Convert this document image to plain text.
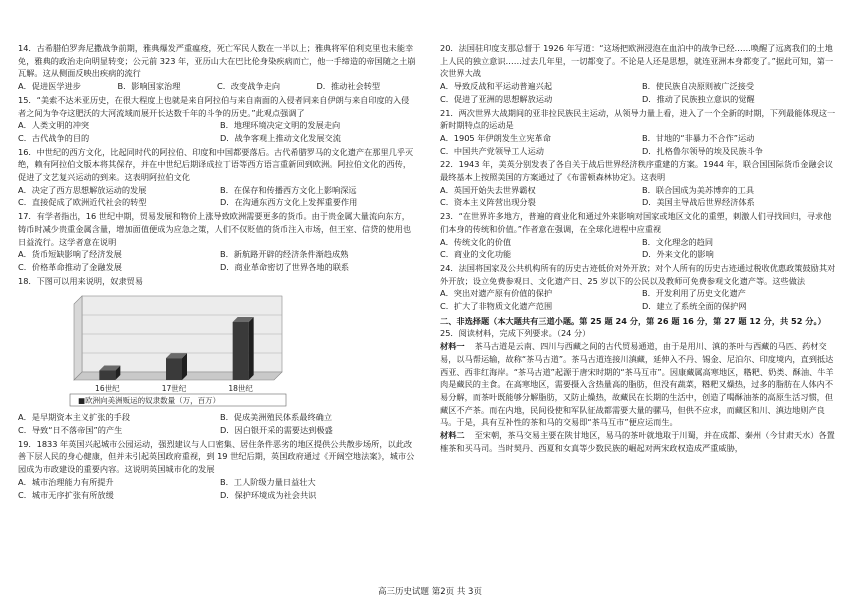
14．古希腊伯罗奔尼撒战争前期，雅典爆发严重瘟疫，死亡军民人数在一半以上；雅典将军伯利克里也未能幸免，雅典的政治走向明显转变；公元前 323 年，亚历山大在巴比伦身染疾病而亡，他一手缔造的帝国随之土崩瓦解。这从侧面反映出疾病的流行
A．促进医学进步	B．影响国家治理	C．改变战争走向	D．推动社会转型
15．“美索不达米亚历史，在很大程度上也就是来自阿拉伯与来自南面的入侵者同来自伊朗与来自印度的入侵者之间为争夺这肥沃的大河流域而展开长达数千年的斗争的历史。”此观点强调了
A．人类文明的冲突	B．地理环境决定文明的发展走向
C．古代战争的目的	D．战争客观上推动文化发展交流
16．中世纪的西方文化，比起同时代的阿拉伯、印度和中国都要落后。古代希腊罗马的文化遗产在那里几乎灭绝，赖有阿拉伯文版本将其保存，并在中世纪后期译成拉丁语等西方语言重新回到欧洲。阿拉伯文化的西传，促进了文艺复兴运动的到来。这表明阿拉伯文化
A．决定了西方思想解放运动的发展	B．在保存和传播西方文化上影响深远
C．直接促成了欧洲近代社会的转型	D．在沟通东西方文化上发挥重要作用
17．有学者指出，16 世纪中期，贸易发展和物价上涨导致欧洲需要更多的货币。由于贵金属大量流向东方，铸币时减少贵重金属含量，增加面值便成为应急之策，人们不仅贬值的货币注入市场，但王室、信贷的使用也日益流行。这学者意在说明
A．货币短缺影响了经济发展	B．新航路开辟的经济条件渐趋成熟
C．价格革命推动了金融发展	D．商业革命密切了世界各地的联系
18．下图可以用来说明，奴隶贸易
16世纪	17世纪	18世纪
■欧洲向美洲贩运的奴隶数量（万，百万）
A．是早期资本主义扩张的手段	B．促成美洲殖民体系最终确立
C．导致“日不落帝国”的产生	D．因白银开采的需要达到极盛
19．1833 年英国兴起城市公园运动，强烈建议与人口密集、居住条件恶劣的地区提供公共散步场所，以此改善下层人民的身心健康，但并未引起英国政府重视，到 19 世纪后期，英国政府通过《开阔空地法案》，城市公园成为市政建设的重要内容。这说明英国城市化的发展
A．城市治理能力有所提升	B．工人阶级力量日益壮大
C．城市无序扩张有所放缓	D．保护环境成为社会共识
20．法国驻印度支那总督于 1926 年写道：“这场把欧洲浸泡在血泊中的战争已经……唤醒了远离我们的土地上人民的独立意识……过去几年里，一切都变了。不论是人还是思想，就连亚洲本身都变了。”据此可知，第一次世界大战
A．导致反战和平运动普遍兴起	B．使民族自决原则被广泛接受
C．促进了亚洲的思想解放运动	D．推动了民族独立意识的觉醒
21．两次世界大战期间的亚非拉民族民主运动，从领导力量上看，进入了一个全新的时期，下列最能体现这一新时期特点的运动是
A．1905 年伊朗发生立宪革命	B．甘地的“非暴力不合作”运动
C．中国共产党领导工人运动	D．扎格鲁尔领导的埃及民族斗争
22．1943 年，美英分别发表了各自关于战后世界经济秩序重建的方案。1944 年，联合国国际货币金融会议最终基本上按照美国的方案通过了《布雷顿森林协定》。这表明
A．英国开始失去世界霸权	B．联合国成为美苏博弈的工具
C．资本主义阵营出现分裂	D．美国主导战后世界经济体系
23．“在世界许多地方，普遍的商业化和通过外来影响对国家或地区文化的重塑，刺激人们寻找回归，寻求他们本身的传统和价值。”作者意在强调，在全球化进程中应重视
A．传统文化的价值	B．文化理念的趋同
C．商业的文化功能	D．外来文化的影响
24．法国将国家及公共机构所有的历史古迹低价对外开放；对个人所有的历史古迹通过税收优惠政策鼓励其对外开放；设立免费参观日、文化遗产日、25 岁以下的公民以及教师可免费参观文化遗产等。这些做法
A．突出对遗产原有价值的保护	B．开发利用了历史文化遗产
C．扩大了非物质文化遗产范围	D．建立了系统全面的保护网
二、非选择题（本大题共有三道小题。第 25 题 24 分，第 26 题 16 分，第 27 题 12 分，共 52 分。）
25．阅读材料，完成下列要求。（24 分）
材料一 茶马古道是云南、四川与西藏之间的古代贸易通道，由于是用川、滇的茶叶与西藏的马匹、药材交易，以马帮运输，故称“茶马古道”。茶马古道连接川滇藏，延伸入不丹、锡金、尼泊尔、印度境内，直到抵达西亚、西非红海岸。“茶马古道”起源于唐宋时期的“茶马互市”。因康藏属高寒地区，糌粑、奶类、酥油、牛羊肉是藏民的主食。在高寒地区，需要摄入含热量高的脂肪，但没有蔬菜，糌粑又燥热，过多的脂肪在人体内不易分解，而茶叶既能够分解脂肪，又防止燥热，故藏民在长期的生活中，创造了喝酥油茶的高原生活习惯，但藏区不产茶。而在内地，民间役使和军队征战都需要大量的骡马，但供不应求，而藏区和川、滇边地则产良马。于是，具有互补性的茶和马的交易即“茶马互市”便应运而生。
材料二 至宋朝，茶马交易主要在陕甘地区，易马的茶叶就地取于川蜀，并在成都、秦州（今甘肃天水）各置榷茶和买马司。当时契丹、西夏和女真等少数民族的崛起对两宋政权造成严重威胁，
高三历史试题 第2页 共 3页
